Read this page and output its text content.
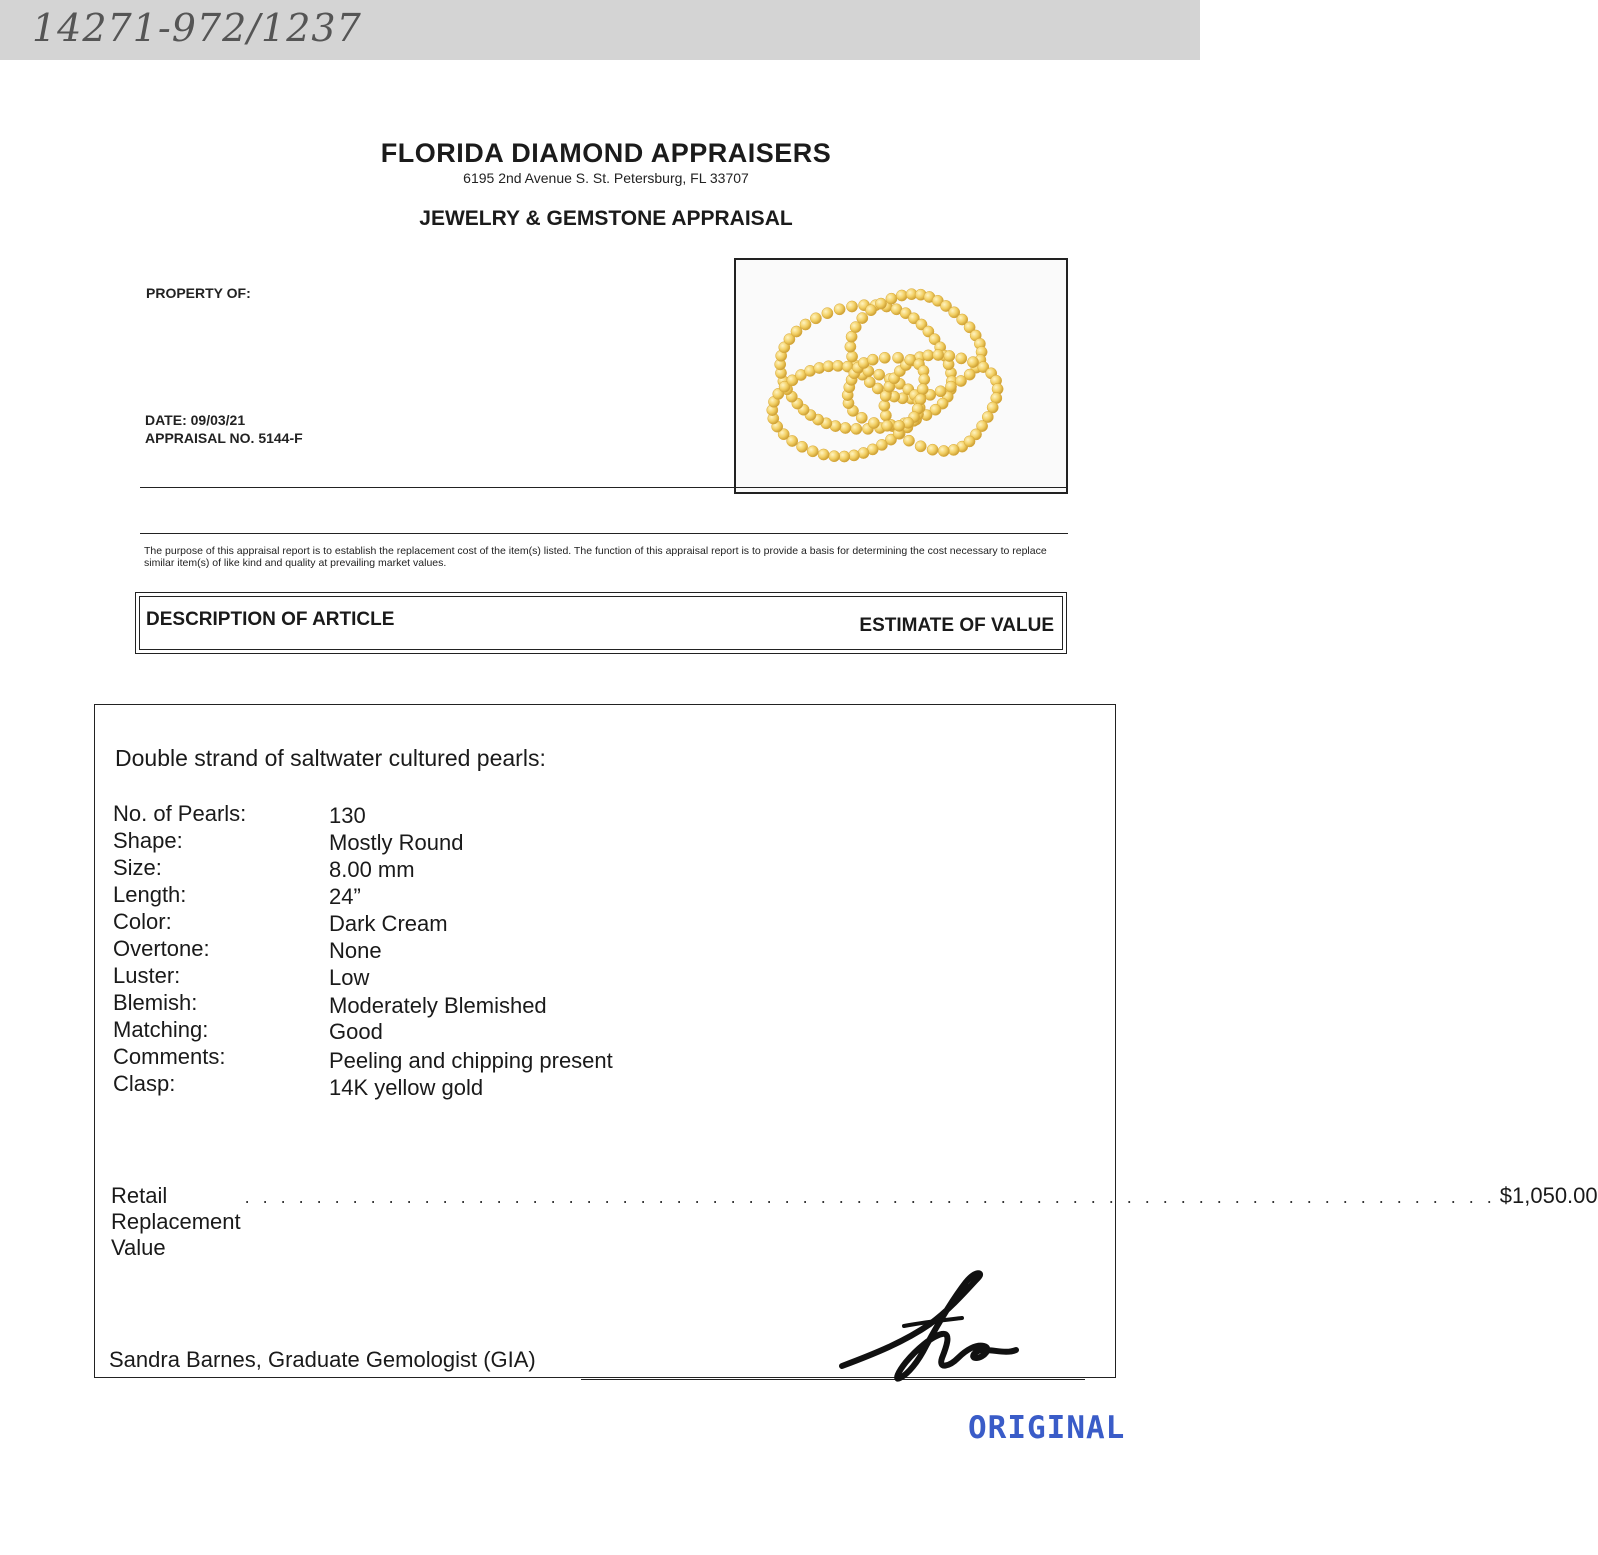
14271-972/1237
FLORIDA DIAMOND APPRAISERS
6195 2nd Avenue S. St. Petersburg, FL 33707
JEWELRY & GEMSTONE APPRAISAL
PROPERTY OF:
DATE: 09/03/21
APPRAISAL NO. 5144-F
The purpose of this appraisal report is to establish the replacement cost of the item(s) listed. The function of this appraisal report is to provide a basis for determining the cost necessary to replace similar item(s) of like kind and quality at prevailing market values.
DESCRIPTION OF ARTICLE	ESTIMATE OF VALUE
Double strand of saltwater cultured pearls:
No. of Pearls:	130
Shape:	Mostly Round
Size:	8.00 mm
Length:	24”
Color:	Dark Cream
Overtone:	None
Luster:	Low
Blemish:	Moderately Blemished
Matching:	Good
Comments:	Peeling and chipping present
Clasp:	14K yellow gold
Retail Replacement Value
. . . . . . . . . . . . . . . . . . . . . . . . . . . . . . . . . . . . . . . . . . . . . . . . . . . . . . . . . . . . . . . . . . . . . . $1,050.00
Sandra Barnes, Graduate Gemologist (GIA)
ORIGINAL
